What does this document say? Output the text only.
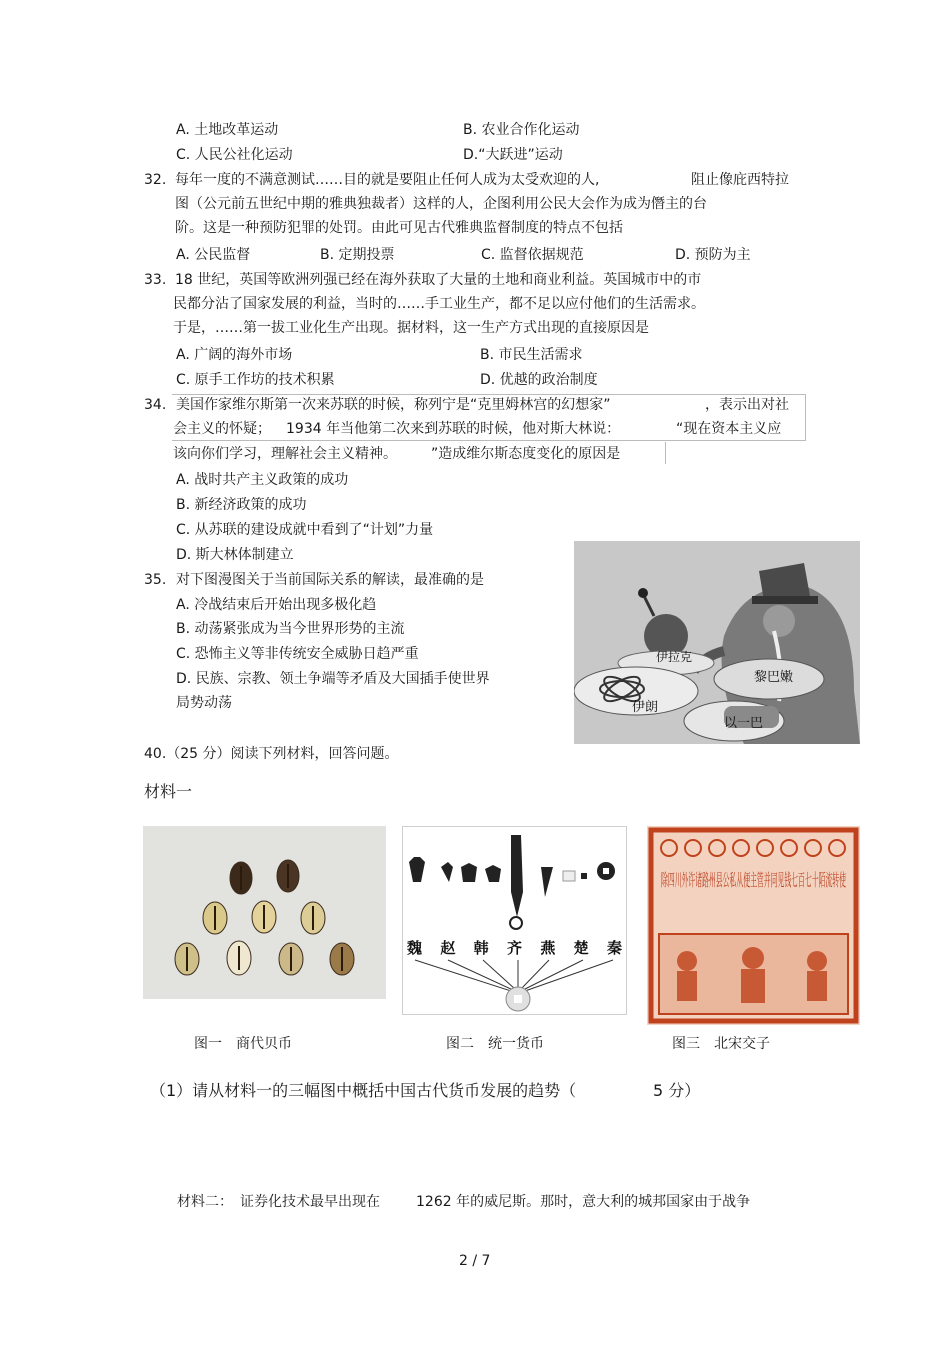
A. 土地改革运动	B. 农业合作化运动
C. 人民公社化运动	D.“大跃进”运动
32. 每年一度的不满意测试……目的就是要阻止任何人成为太受欢迎的人,	阻止像庇西特拉
图（公元前五世纪中期的雅典独裁者）这样的人，企图利用公民大会作为成为僭主的台
阶。这是一种预防犯罪的处罚。由此可见古代雅典监督制度的特点不包括
A. 公民监督	B. 定期投票	C. 监督依据规范	D. 预防为主
33. 18 世纪，英国等欧洲列强已经在海外获取了大量的土地和商业利益。英国城市中的市
民都分沾了国家发展的利益，当时的……手工业生产，都不足以应付他们的生活需求。
于是，……第一拔工业化生产出现。据材料，这一生产方式出现的直接原因是
A. 广阔的海外市场	B. 市民生活需求
C. 原手工作坊的技术积累	D. 优越的政治制度
34. 美国作家维尔斯第一次来苏联的时候，称列宁是“克里姆林宫的幻想家”	，表示出对社
会主义的怀疑； 1934 年当他第二次来到苏联的时候，他对斯大林说：	“现在资本主义应
该向你们学习，理解社会主义精神。 ”造成维尔斯态度变化的原因是
A. 战时共产主义政策的成功
B. 新经济政策的成功
C. 从苏联的建设成就中看到了“计划”力量
D. 斯大林体制建立
35. 对下图漫图关于当前国际关系的解读，最准确的是
A. 冷战结束后开始出现多极化趋
B. 动荡紧张成为当今世界形势的主流
C. 恐怖主义等非传统安全威胁日趋严重
D. 民族、宗教、领土争端等矛盾及大国插手使世界
局势动荡
伊拉克
黎巴嫩
伊朗
以一巴
40.（25 分）阅读下列材料，回答问题。
材料一
魏 赵 韩 齐 燕 楚 秦
除四川外许诸路州县公私从便主管并同见钱七百七十陌流转使
图一　商代贝币	图二　统一货币	图三　北宋交子
（1）请从材料一的三幅图中概括中国古代货币发展的趋势（	5 分）
材料二：　证券化技术最早出现在	1262 年的威尼斯。那时，意大利的城邦国家由于战争
2 / 7
